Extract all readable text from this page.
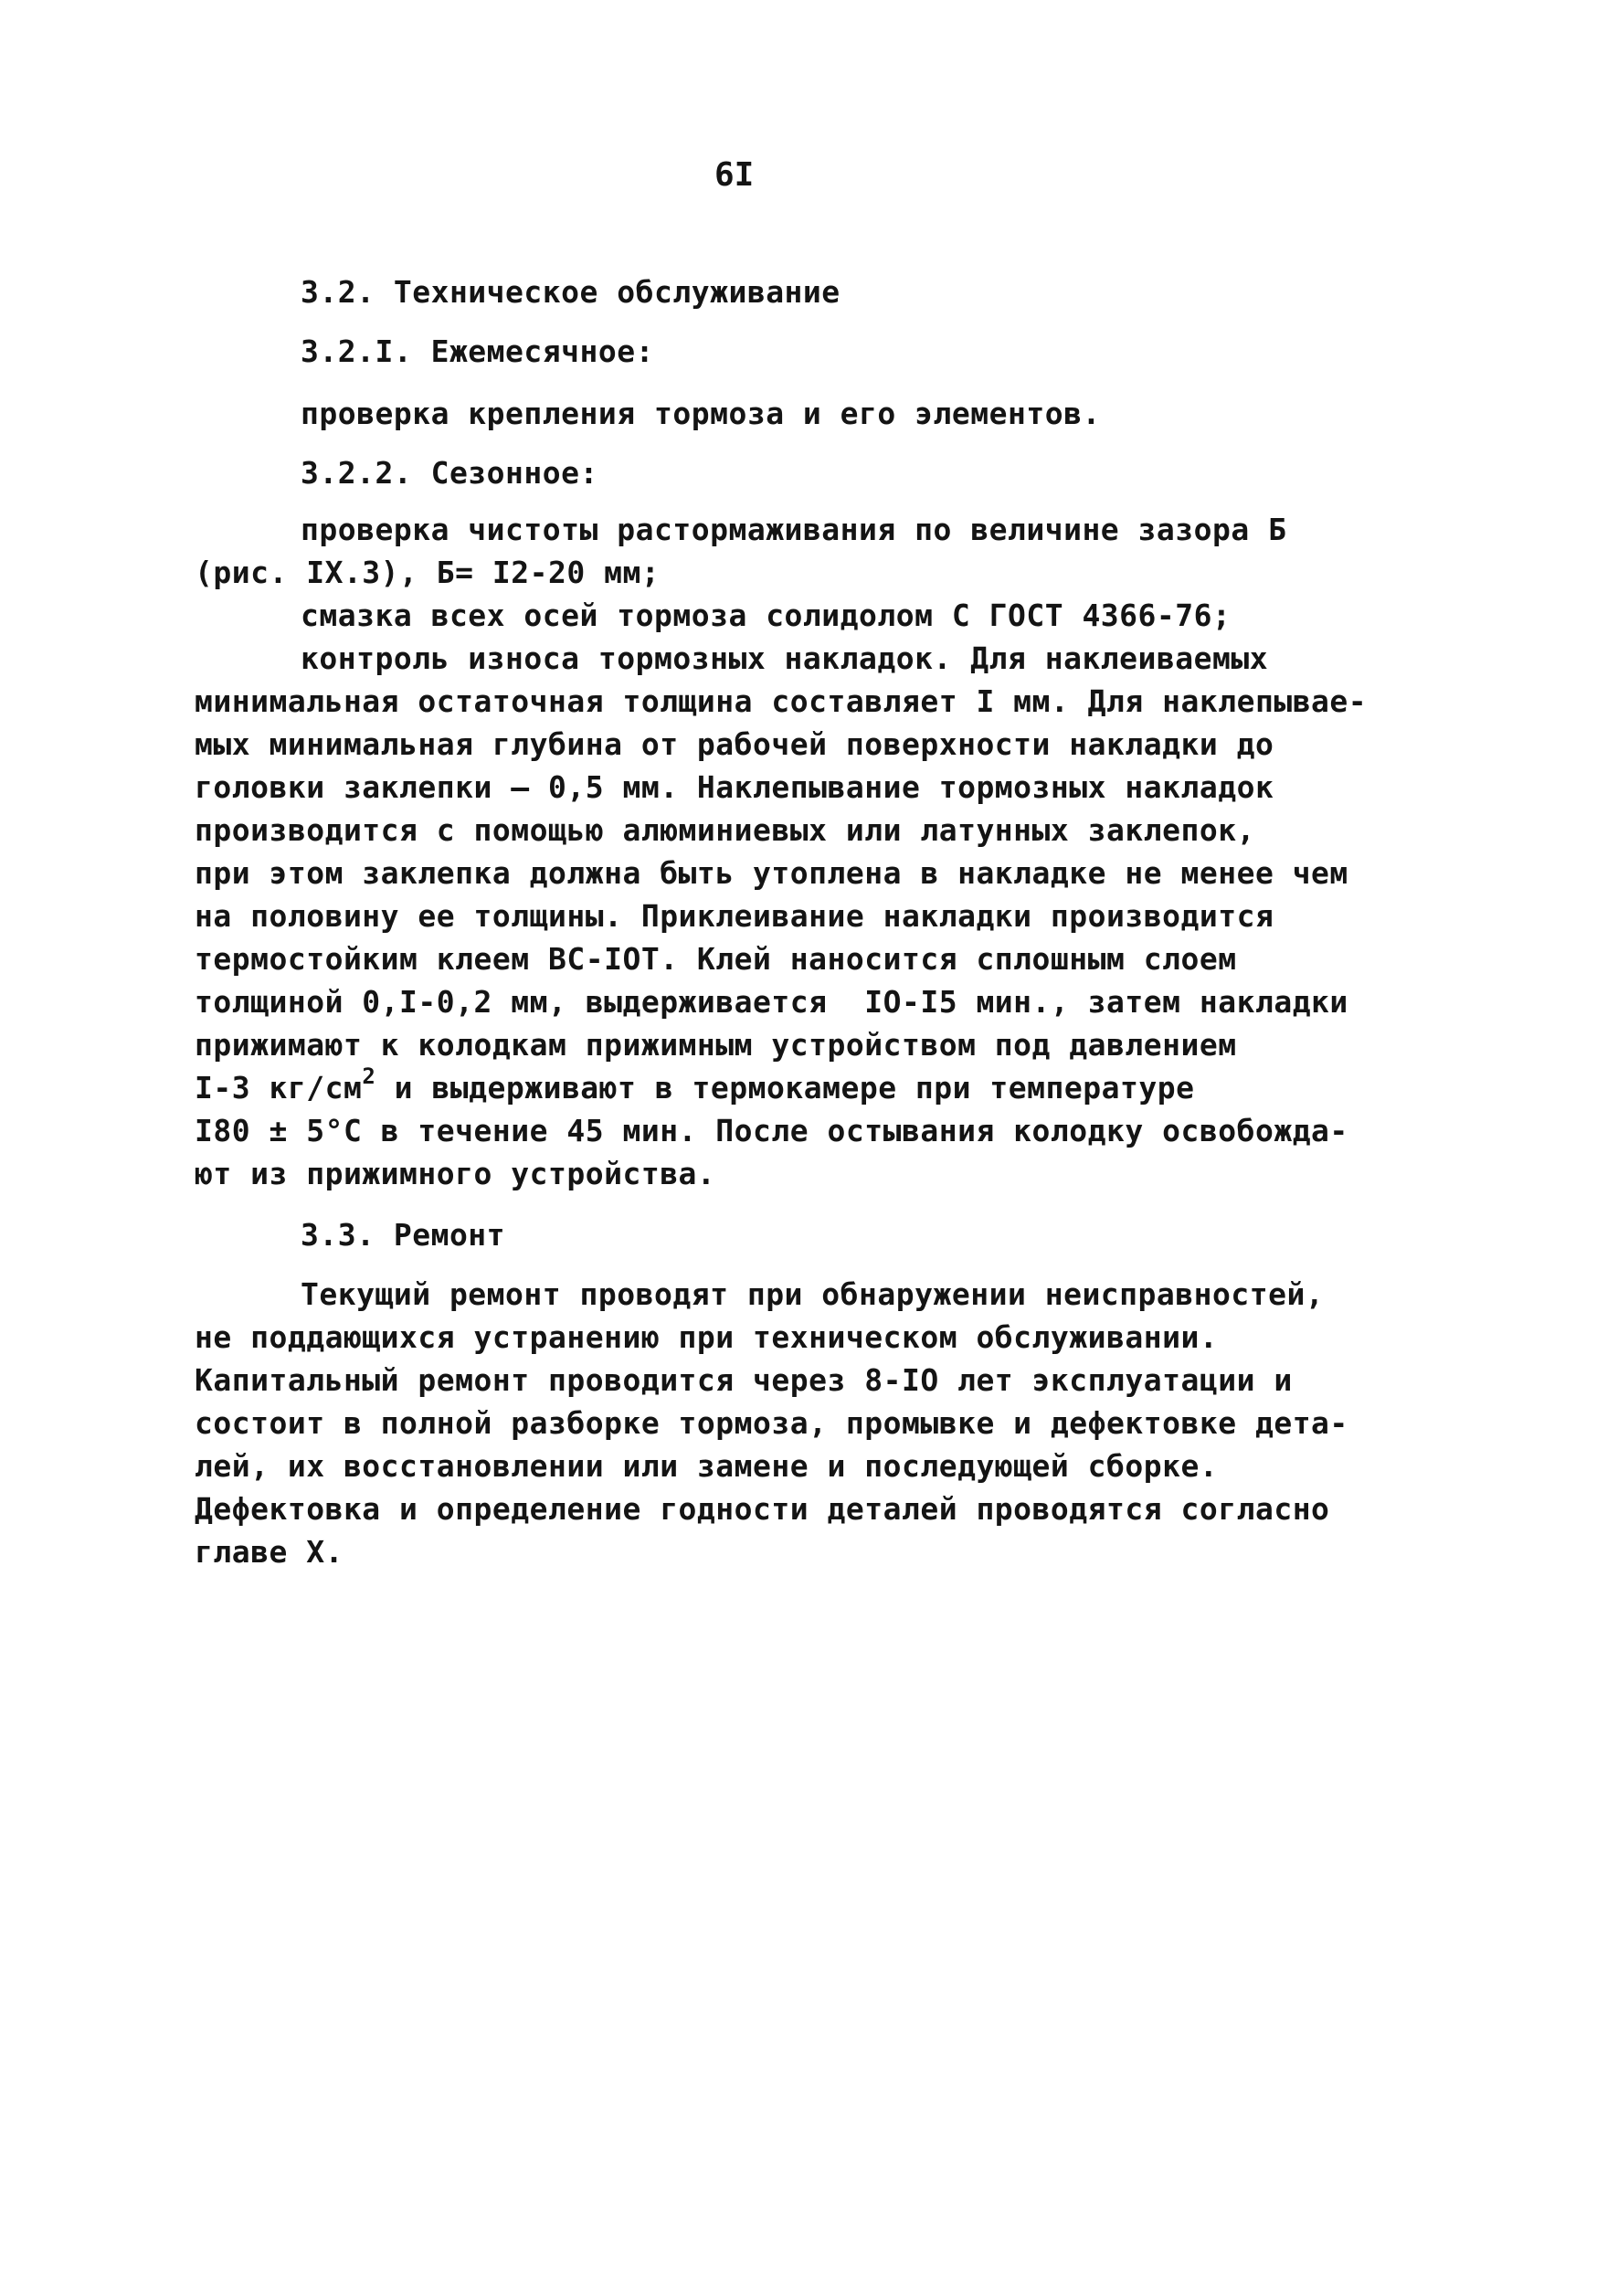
6I
3.2. Техническое обслуживание
3.2.I. Ежемесячное:
проверка крепления тормоза и его элементов.
3.2.2. Сезонное:
проверка чистоты растормаживания по величине зазора Б
(рис. IX.3), Б= I2-20 мм;
смазка всех осей тормоза солидолом С ГОСТ 4366-76;
контроль износа тормозных накладок. Для наклеиваемых
минимальная остаточная толщина составляет I мм. Для наклепывае-
мых минимальная глубина от рабочей поверхности накладки до
головки заклепки – 0,5 мм. Наклепывание тормозных накладок
производится с помощью алюминиевых или латунных заклепок,
при этом заклепка должна быть утоплена в накладке не менее чем
на половину ее толщины. Приклеивание накладки производится
термостойким клеем ВС-IОТ. Клей наносится сплошным слоем
толщиной 0,I-0,2 мм, выдерживается  IО-I5 мин., затем накладки
прижимают к колодкам прижимным устройством под давлением
I-3 $кг/см^2$ и выдерживают в термокамере при температуре
I80 ± 5°С в течение 45 мин. После остывания колодку освобожда-
ют из прижимного устройства.
3.3. Ремонт
Текущий ремонт проводят при обнаружении неисправностей,
не поддающихся устранению при техническом обслуживании.
Капитальный ремонт проводится через 8-IО лет эксплуатации и
состоит в полной разборке тормоза, промывке и дефектовке дета-
лей, их восстановлении или замене и последующей сборке.
Дефектовка и определение годности деталей проводятся согласно
главе X.
